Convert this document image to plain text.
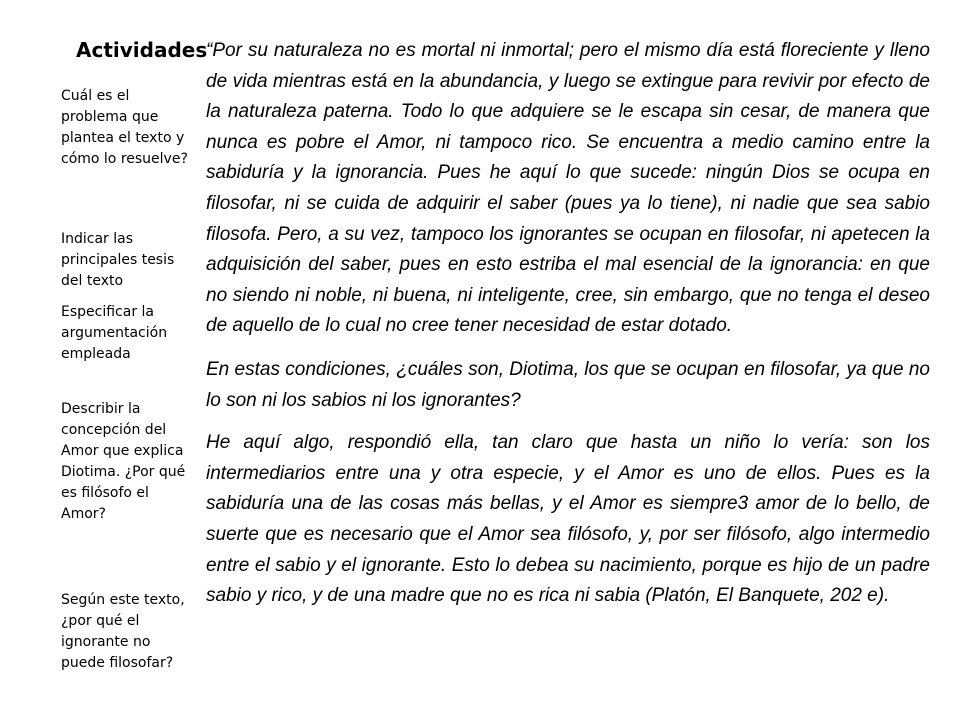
Actividades
Cuál es el problema que plantea el texto y cómo lo resuelve?
Indicar las principales tesis del texto
Especificar la argumentación empleada
Describir la concepción del Amor que explica Diotima. ¿Por qué es filósofo el Amor?
Según este texto, ¿por qué el ignorante no puede filosofar?

“Por su naturaleza no es mortal ni inmortal; pero el mismo día está floreciente y lleno de vida mientras está en la abundancia, y luego se extingue para revivir por efecto de la naturaleza paterna. Todo lo que adquiere se le escapa sin cesar, de manera que nunca es pobre el Amor, ni tampoco rico. Se encuentra a medio camino entre la sabiduría y la ignorancia. Pues he aquí lo que sucede: ningún Dios se ocupa en filosofar, ni se cuida de adquirir el saber (pues ya lo tiene), ni nadie que sea sabio filosofa. Pero, a su vez, tampoco los ignorantes se ocupan en filosofar, ni apetecen la adquisición del saber, pues en esto estriba el mal esencial de la ignorancia: en que no siendo ni noble, ni buena, ni inteligente, cree, sin embargo, que no tenga el deseo de aquello de lo cual no cree tener necesidad de estar dotado.

En estas condiciones, ¿cuáles son, Diotima, los que se ocupan en filosofar, ya que no lo son ni los sabios ni los ignorantes?

He aquí algo, respondió ella, tan claro que hasta un niño lo vería: son los intermediarios entre una y otra especie, y el Amor es uno de ellos. Pues es la sabiduría una de las cosas más bellas, y el Amor es siempre3 amor de lo bello, de suerte que es necesario que el Amor sea filósofo, y, por ser filósofo, algo intermedio entre el sabio y el ignorante. Esto lo debea su nacimiento, porque es hijo de un padre sabio y rico, y de una madre que no es rica ni sabia (Platón, El Banquete, 202 e).
